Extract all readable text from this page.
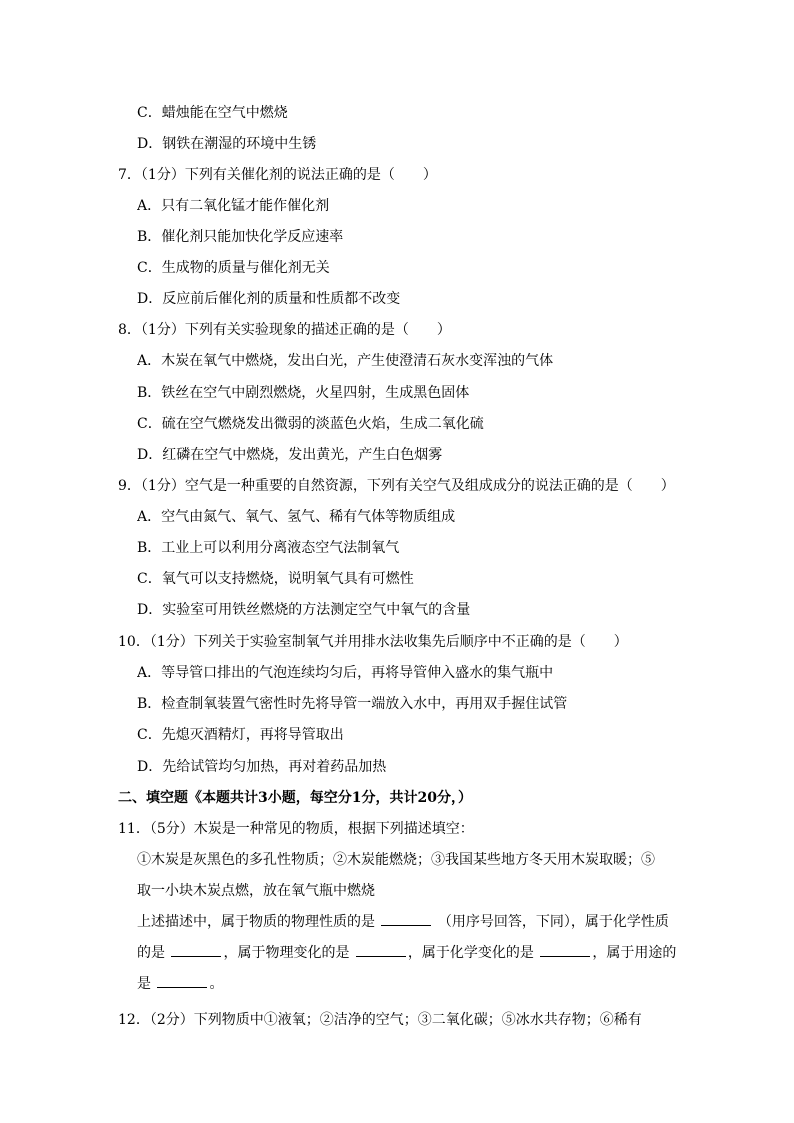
C．蜡烛能在空气中燃烧
D．钢铁在潮湿的环境中生锈
7．（1分）下列有关催化剂的说法正确的是（　　）
A．只有二氧化锰才能作催化剂
B．催化剂只能加快化学反应速率
C．生成物的质量与催化剂无关
D．反应前后催化剂的质量和性质都不改变
8．（1分）下列有关实验现象的描述正确的是（　　）
A．木炭在氧气中燃烧，发出白光，产生使澄清石灰水变浑浊的气体
B．铁丝在空气中剧烈燃烧，火星四射，生成黑色固体
C．硫在空气燃烧发出微弱的淡蓝色火焰，生成二氧化硫
D．红磷在空气中燃烧，发出黄光，产生白色烟雾
9．（1分）空气是一种重要的自然资源，下列有关空气及组成成分的说法正确的是（　　）
A．空气由氮气、氧气、氢气、稀有气体等物质组成
B．工业上可以利用分离液态空气法制氧气
C．氧气可以支持燃烧，说明氧气具有可燃性
D．实验室可用铁丝燃烧的方法测定空气中氧气的含量
10．（1分）下列关于实验室制氧气并用排水法收集先后顺序中不正确的是（　　）
A．等导管口排出的气泡连续均匀后，再将导管伸入盛水的集气瓶中
B．检查制氧装置气密性时先将导管一端放入水中，再用双手握住试管
C．先熄灭酒精灯，再将导管取出
D．先给试管均匀加热，再对着药品加热
二、填空题《本题共计3小题，每空分1分，共计20分，）
11．（5分）木炭是一种常见的物质，根据下列描述填空：
①木炭是灰黑色的多孔性物质；②木炭能燃烧；③我国某些地方冬天用木炭取暖；⑤
取一小块木炭点燃，放在氧气瓶中燃烧
上述描述中，属于物质的物理性质的是	（用序号回答，下同），属于化学性质
的是	，属于物理变化的是	，属于化学变化的是	，属于用途的
是	。
12．（2分）下列物质中①液氧；②洁净的空气；③二氧化碳；⑤冰水共存物；⑥稀有
